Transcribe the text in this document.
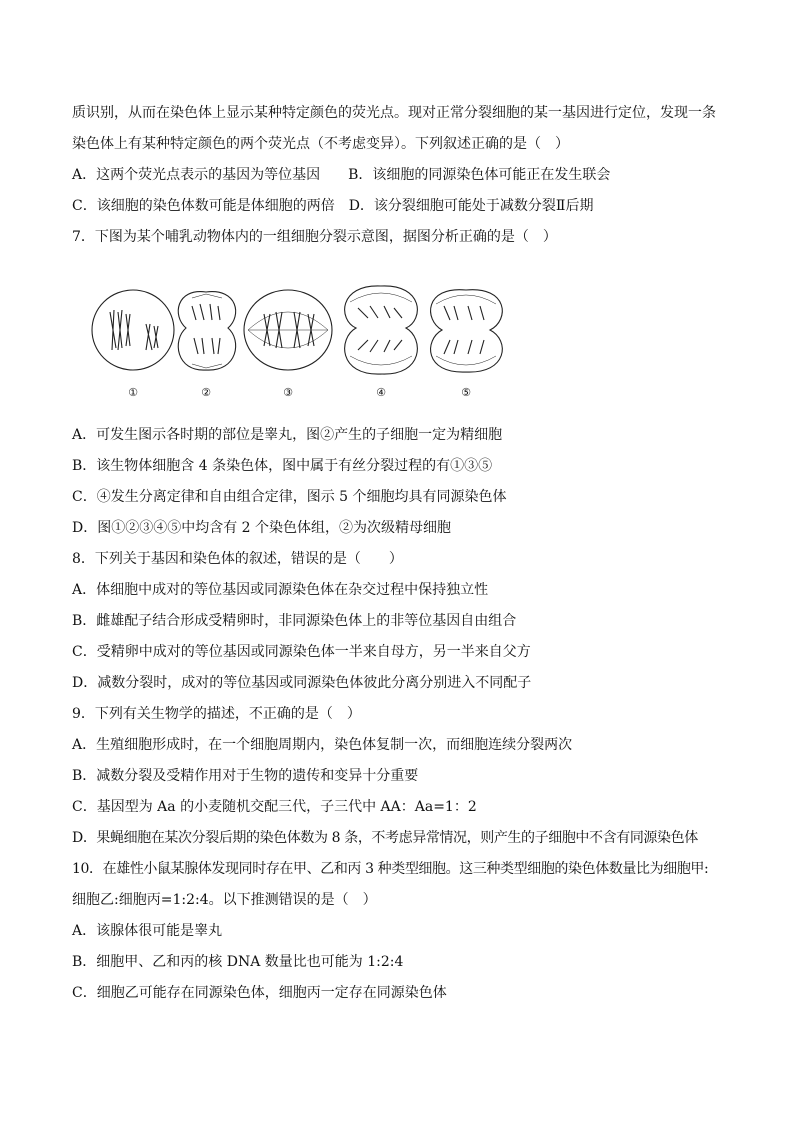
质识别，从而在染色体上显示某种特定颜色的荧光点。现对正常分裂细胞的某一基因进行定位，发现一条
染色体上有某种特定颜色的两个荧光点（不考虑变异）。下列叙述正确的是（　）
A．这两个荧光点表示的基因为等位基因　　B．该细胞的同源染色体可能正在发生联会
C．该细胞的染色体数可能是体细胞的两倍　D．该分裂细胞可能处于减数分裂Ⅱ后期
7．下图为某个哺乳动物体内的一组细胞分裂示意图，据图分析正确的是（　）
①	②	③	④	⑤
A．可发生图示各时期的部位是睾丸，图②产生的子细胞一定为精细胞
B．该生物体细胞含 4 条染色体，图中属于有丝分裂过程的有①③⑤
C．④发生分离定律和自由组合定律，图示 5 个细胞均具有同源染色体
D．图①②③④⑤中均含有 2 个染色体组，②为次级精母细胞
8．下列关于基因和染色体的叙述，错误的是（　　）
A．体细胞中成对的等位基因或同源染色体在杂交过程中保持独立性
B．雌雄配子结合形成受精卵时，非同源染色体上的非等位基因自由组合
C．受精卵中成对的等位基因或同源染色体一半来自母方，另一半来自父方
D．减数分裂时，成对的等位基因或同源染色体彼此分离分别进入不同配子
9．下列有关生物学的描述，不正确的是（　）
A．生殖细胞形成时，在一个细胞周期内，染色体复制一次，而细胞连续分裂两次
B．减数分裂及受精作用对于生物的遗传和变异十分重要
C．基因型为 Aa 的小麦随机交配三代，子三代中 AA：Aa=1：2
D．果蝇细胞在某次分裂后期的染色体数为 8 条，不考虑异常情况，则产生的子细胞中不含有同源染色体
10．在雄性小鼠某腺体发现同时存在甲、乙和丙 3 种类型细胞。这三种类型细胞的染色体数量比为细胞甲:
细胞乙:细胞丙=1:2:4。以下推测错误的是（　）
A．该腺体很可能是睾丸
B．细胞甲、乙和丙的核 DNA 数量比也可能为 1:2:4
C．细胞乙可能存在同源染色体，细胞丙一定存在同源染色体
